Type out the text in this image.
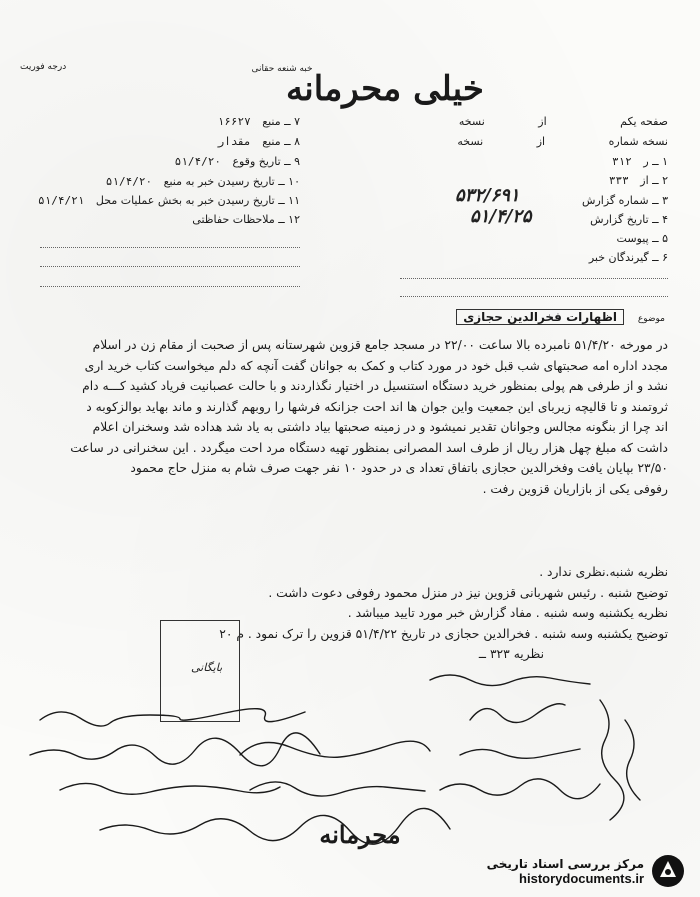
درجه فوریت	خبه شنعه حقانی
خیلی محرمانه
۷ ــ منبع ۱۶۶۲۷
۸ ــ منبع مقدار
۹ ــ تاریخ وقوع ۵۱/۴/۲۰
۱۰ ــ تاریخ رسیدن خبر به منبع ۵۱/۴/۲۰
۱۱ ــ تاریخ رسیدن خبر به بخش عملیات محل ۵۱/۴/۲۱
۱۲ ــ ملاحظات حفاظتی
صفحه یکم از نسخه
نسخه شماره از نسخه
۱ ــ ر ۳۱۲
۲ ــ از ۳۳۳
۳ ــ شماره گزارش
۴ ــ تاریخ گزارش
۵ ــ پیوست
۶ ــ گیرندگان خبر
۵۳۲/۶۹۱
۵۱/۴/۲۵
موضوع اظهارات فخرالدین حجازی

در مورخه ۵۱/۴/۲۰ نامبرده بالا ساعت ۲۲/۰۰ در مسجد جامع قزوین شهرستانه پس از صحبت از مقام زن در اسلام

مجدد اداره امه صحبتهای شب قبل خود در مورد کتاب و کمک به جوانان گفت آنچه که دلم میخواست کتاب خرید اری

نشد و از طرفی هم پولی بمنظور خرید دستگاه استنسیل در اختیار نگذاردند و با حالت عصبانیت فریاد کشید کـــه دام

ثروتمند و تا قالیچه زیربای این جمعیت واین جوان ها اند احت جزانکه فرشها را روبهم گذارند و ماند بهاید بوالزکوبه د

اند چرا از بنگونه مجالس وجوانان تقدیر نمیشود و در زمینه صحبتها بیاد داشتی به یاد شد هداده شد وسخنران اعلام

داشت که مبلغ چهل هزار ریال از طرف اسد المصرانی بمنظور تهیه دستگاه مرد احت میگردد . این سخنرانی در ساعت

۲۳/۵۰ بپایان یافت وفخرالدین حجازی باتفاق تعداد ی در حدود ۱۰ نفر جهت صرف شام به منزل حاج محمود

رفوفی یکی از بازاریان قزوین رفت .

نظریه شنبه.نظری ندارد .

توضیح شنبه . رئیس شهربانی قزوین نیز در منزل محمود رفوفی دعوت داشت .

نظریه یکشنبه وسه شنبه . مفاد گزارش خبر مورد تایید میباشد .

توضیح یکشنبه وسه شنبه . فخرالدین حجازی در تاریخ ۵۱/۴/۲۲ قزوین را ترک نمود . م ۲۰

نظریه ۳۲۳ ــ

بایگانی
محرمانه
مرکز بررسی اسناد تاریخی
historydocuments.ir
